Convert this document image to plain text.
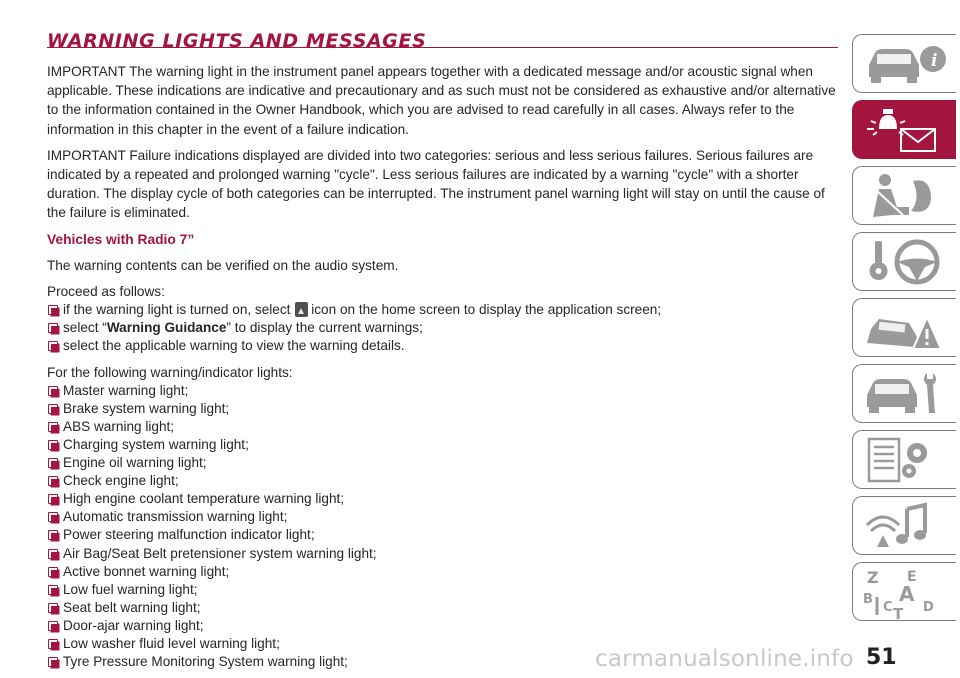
WARNING LIGHTS AND MESSAGES

IMPORTANT The warning light in the instrument panel appears together with a dedicated message and/or acoustic signal when applicable. These indications are indicative and precautionary and as such must not be considered as exhaustive and/or alternative to the information contained in the Owner Handbook, which you are advised to read carefully in all cases. Always refer to the information in this chapter in the event of a failure indication.

IMPORTANT Failure indications displayed are divided into two categories: serious and less serious failures. Serious failures are indicated by a repeated and prolonged warning "cycle". Less serious failures are indicated by a warning "cycle" with a shorter duration. The display cycle of both categories can be interrupted. The instrument panel warning light will stay on until the cause of the failure is eliminated.

Vehicles with Radio 7”

The warning contents can be verified on the audio system.

Proceed as follows:

if the warning light is turned on, select icon on the home screen to display the application screen;
select “Warning Guidance” to display the current warnings;
select the applicable warning to view the warning details.

For the following warning/indicator lights:

Master warning light;
Brake system warning light;
ABS warning light;
Charging system warning light;
Engine oil warning light;
Check engine light;
High engine coolant temperature warning light;
Automatic transmission warning light;
Power steering malfunction indicator light;
Air Bag/Seat Belt pretensioner system warning light;
Active bonnet warning light;
Low fuel warning light;
Seat belt warning light;
Door-ajar warning light;
Low washer fluid level warning light;
Tyre Pressure Monitoring System warning light;
i
Z E
A
B
C D
T
carmanualsonline.info 51
